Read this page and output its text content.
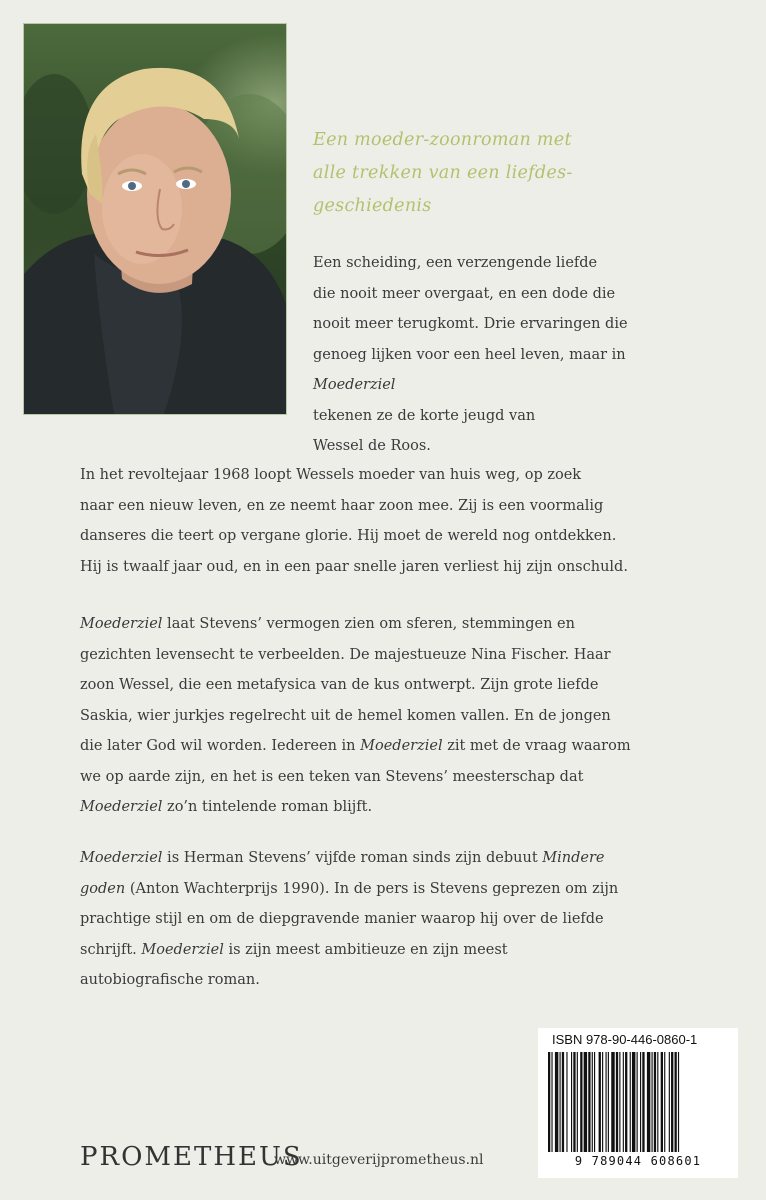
Een moeder-zoonroman met
alle trekken van een liefdes-
geschiedenis
Een scheiding, een verzengende liefde
die nooit meer overgaat, en een dode die
nooit meer terugkomt. Drie ervaringen die
genoeg lijken voor een heel leven, maar in
Moederziel
tekenen ze de korte jeugd van
Wessel de Roos.
In het revoltejaar 1968 loopt Wessels moeder van huis weg, op zoek
naar een nieuw leven, en ze neemt haar zoon mee. Zij is een voormalig
danseres die teert op vergane glorie. Hij moet de wereld nog ontdekken.
Hij is twaalf jaar oud, en in een paar snelle jaren verliest hij zijn onschuld.
Moederziel laat Stevens’ vermogen zien om sferen, stemmingen en
gezichten levensecht te verbeelden. De majestueuze Nina Fischer. Haar
zoon Wessel, die een metafysica van de kus ontwerpt. Zijn grote liefde
Saskia, wier jurkjes regelrecht uit de hemel komen vallen. En de jongen
die later God wil worden. Iedereen in Moederziel zit met de vraag waarom
we op aarde zijn, en het is een teken van Stevens’ meesterschap dat
Moederziel zo’n tintelende roman blijft.
Moederziel is Herman Stevens’ vijfde roman sinds zijn debuut Mindere
goden (Anton Wachterprijs 1990). In de pers is Stevens geprezen om zijn
prachtige stijl en om de diepgravende manier waarop hij over de liefde
schrijft. Moederziel is zijn meest ambitieuze en zijn meest
autobiografische roman.
ISBN 978-90-446-0860-1
9 789044 608601
PROMETHEUS
www.uitgeverijprometheus.nl
